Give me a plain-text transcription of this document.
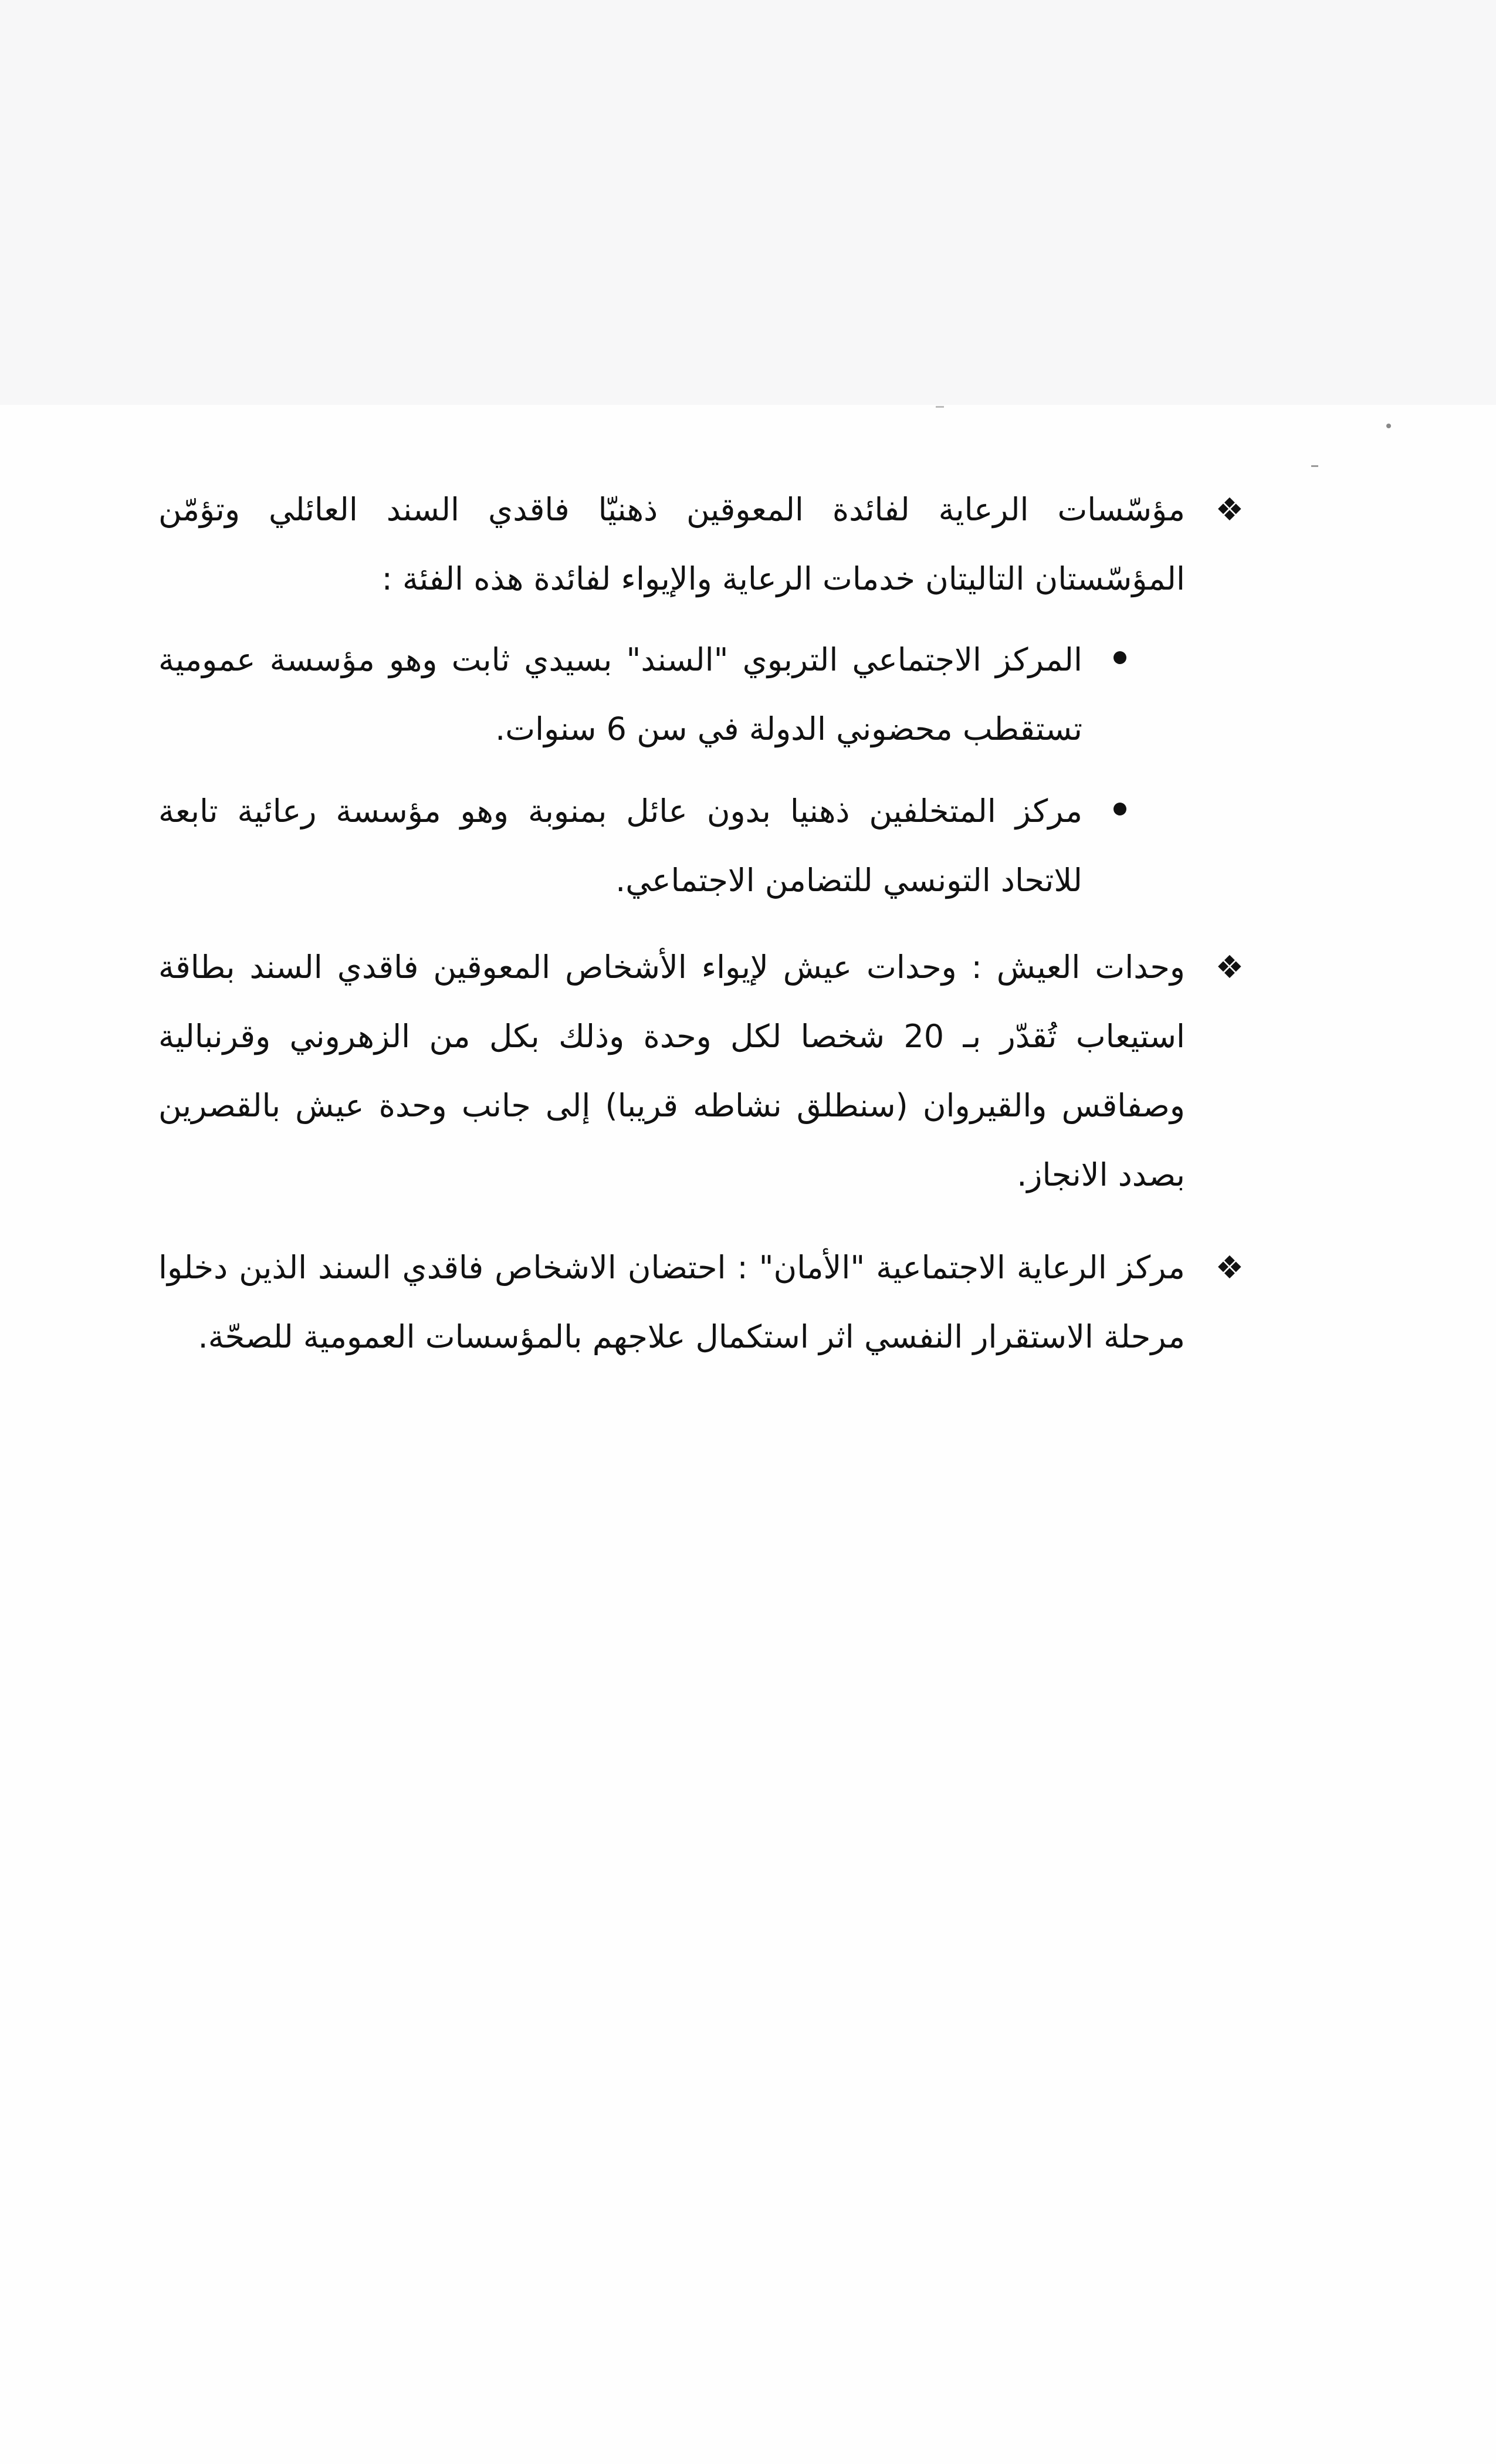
❖
مؤسّسات الرعاية لفائدة المعوقين ذهنيّا فاقدي السند العائلي وتؤمّن المؤسّستان التاليتان خدمات الرعاية والإيواء لفائدة هذه الفئة :
المركز الاجتماعي التربوي "السند" بسيدي ثابت وهو مؤسسة عمومية تستقطب محضوني الدولة في سن 6 سنوات.
مركز المتخلفين ذهنيا بدون عائل بمنوبة وهو مؤسسة رعائية تابعة للاتحاد التونسي للتضامن الاجتماعي.
❖
وحدات العيش : وحدات عيش لإيواء الأشخاص المعوقين فاقدي السند بطاقة استيعاب تُقدّر بـ 20 شخصا لكل وحدة وذلك بكل من الزهروني وقرنبالية وصفاقس والقيروان (سنطلق نشاطه قريبا) إلى جانب وحدة عيش بالقصرين بصدد الانجاز.
❖
مركز الرعاية الاجتماعية "الأمان" : احتضان الاشخاص فاقدي السند الذين دخلوا مرحلة الاستقرار النفسي اثر استكمال علاجهم بالمؤسسات العمومية للصحّة.
